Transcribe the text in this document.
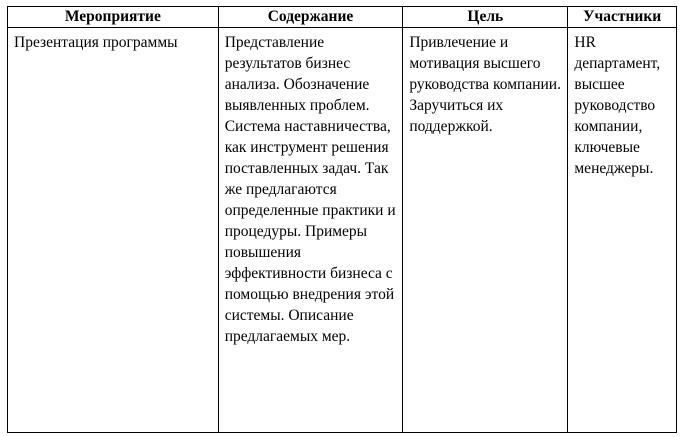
Мероприятие	Содержание	Цель	Участники
Презентация программы	Представление результатов бизнес анализа. Обозначение выявленных проблем. Система наставничества, как инструмент решения поставленных задач. Так же предлагаются определенные практики и процедуры. Примеры повышения эффективности бизнеса с помощью внедрения этой системы. Описание предлагаемых мер.	Привлечение и мотивация высшего руководства компании. Заручиться их поддержкой.	HR департамент, высшее руководство компании, ключевые менеджеры.
